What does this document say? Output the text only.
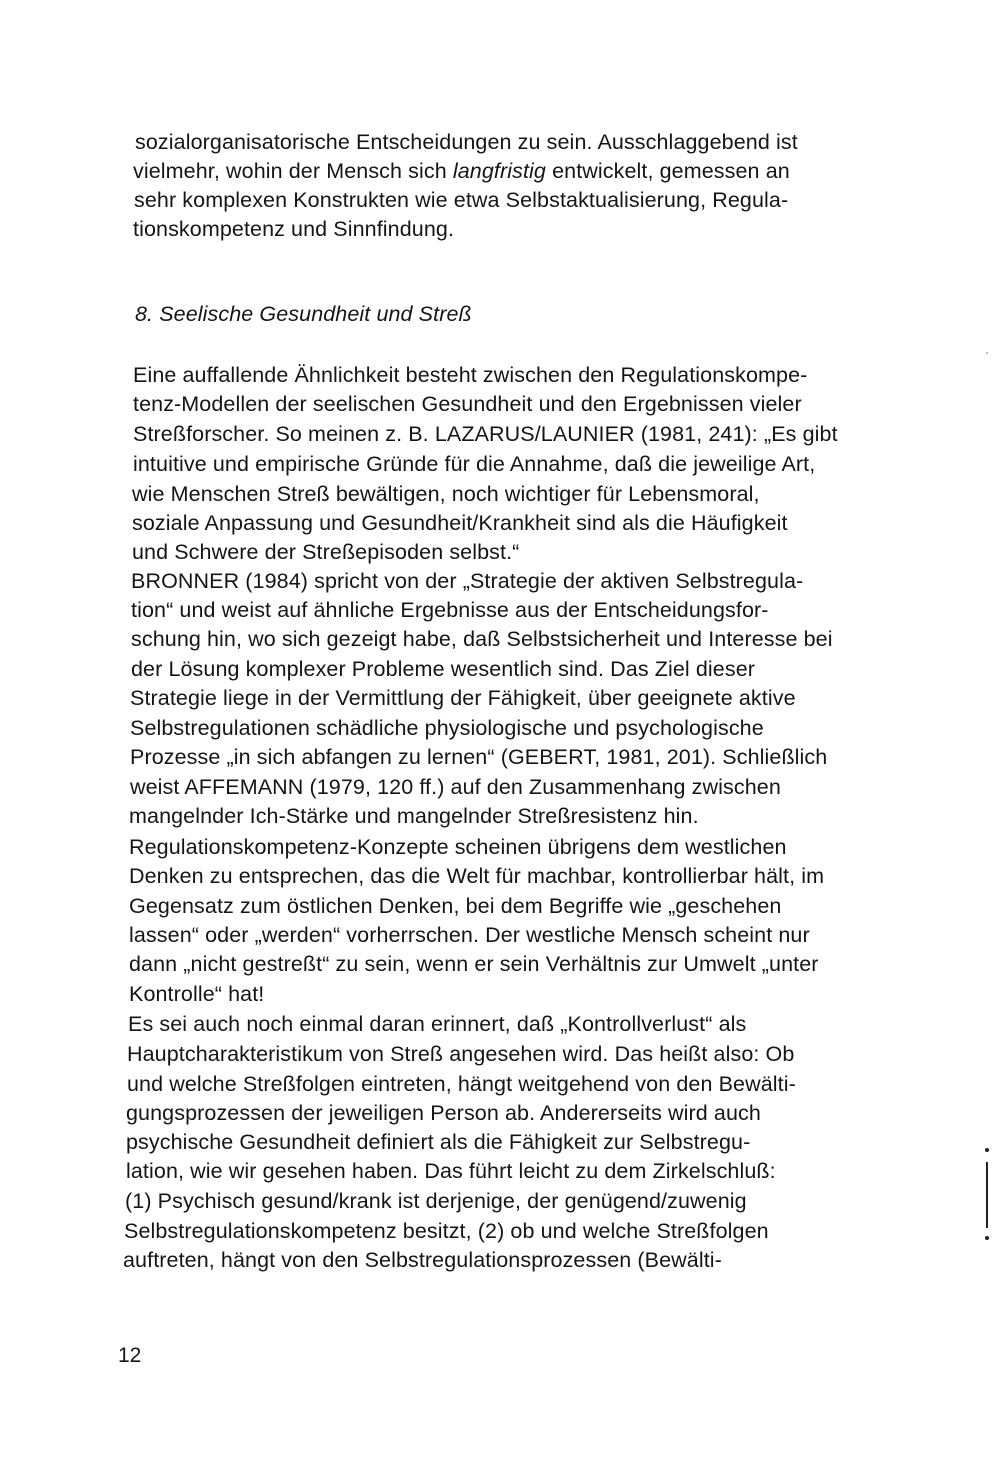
sozialorganisatorische Entscheidungen zu sein. Ausschlaggebend ist

vielmehr, wohin der Mensch sich langfristig entwickelt, gemessen an

sehr komplexen Konstrukten wie etwa Selbstaktualisierung, Regula-

tionskompetenz und Sinnfindung.

8. Seelische Gesundheit und Streß

Eine auffallende Ähnlichkeit besteht zwischen den Regulationskompe-

tenz-Modellen der seelischen Gesundheit und den Ergebnissen vieler

Streßforscher. So meinen z. B. LAZARUS/LAUNIER (1981, 241): „Es gibt

intuitive und empirische Gründe für die Annahme, daß die jeweilige Art,

wie Menschen Streß bewältigen, noch wichtiger für Lebensmoral,

soziale Anpassung und Gesundheit/Krankheit sind als die Häufigkeit

und Schwere der Streßepisoden selbst.“

BRONNER (1984) spricht von der „Strategie der aktiven Selbstregula-

tion“ und weist auf ähnliche Ergebnisse aus der Entscheidungsfor-

schung hin, wo sich gezeigt habe, daß Selbstsicherheit und Interesse bei

der Lösung komplexer Probleme wesentlich sind. Das Ziel dieser

Strategie liege in der Vermittlung der Fähigkeit, über geeignete aktive

Selbstregulationen schädliche physiologische und psychologische

Prozesse „in sich abfangen zu lernen“ (GEBERT, 1981, 201). Schließlich

weist AFFEMANN (1979, 120 ff.) auf den Zusammenhang zwischen

mangelnder Ich-Stärke und mangelnder Streßresistenz hin.

Regulationskompetenz-Konzepte scheinen übrigens dem westlichen

Denken zu entsprechen, das die Welt für machbar, kontrollierbar hält, im

Gegensatz zum östlichen Denken, bei dem Begriffe wie „geschehen

lassen“ oder „werden“ vorherrschen. Der westliche Mensch scheint nur

dann „nicht gestreßt“ zu sein, wenn er sein Verhältnis zur Umwelt „unter

Kontrolle“ hat!

Es sei auch noch einmal daran erinnert, daß „Kontrollverlust“ als

Hauptcharakteristikum von Streß angesehen wird. Das heißt also: Ob

und welche Streßfolgen eintreten, hängt weitgehend von den Bewälti-

gungsprozessen der jeweiligen Person ab. Andererseits wird auch

psychische Gesundheit definiert als die Fähigkeit zur Selbstregu-

lation, wie wir gesehen haben. Das führt leicht zu dem Zirkelschluß:

(1) Psychisch gesund/krank ist derjenige, der genügend/zuwenig

Selbstregulationskompetenz besitzt, (2) ob und welche Streßfolgen

auftreten, hängt von den Selbstregulationsprozessen (Bewälti-

12
